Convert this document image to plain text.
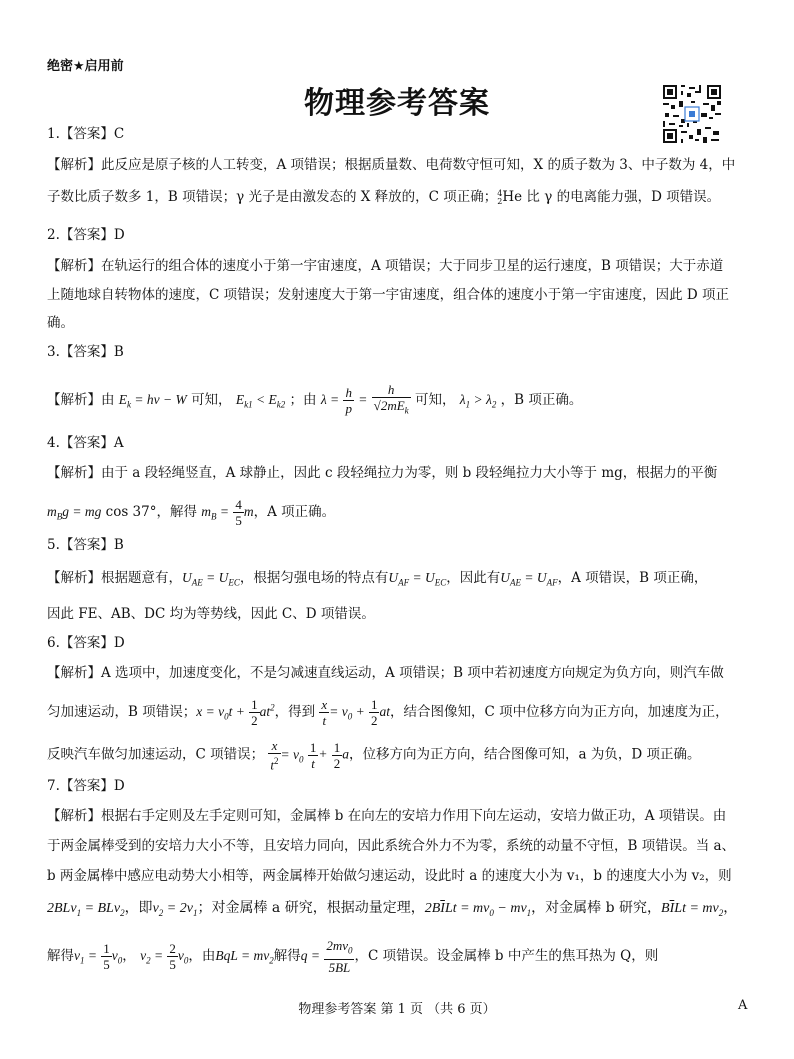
绝密★启用前
物理参考答案
1.【答案】C
【解析】此反应是原子核的人工转变，A 项错误；根据质量数、电荷数守恒可知，X 的质子数为 3、中子数为 4，中
子数比质子数多 1，B 项错误；γ 光子是由激发态的 X 释放的，C 项正确；4
2He 比 γ 的电离能力强，D 项错误。
2.【答案】D
【解析】在轨运行的组合体的速度小于第一宇宙速度，A 项错误；大于同步卫星的运行速度，B 项错误；大于赤道
上随地球自转物体的速度，C 项错误；发射速度大于第一宇宙速度，组合体的速度小于第一宇宙速度，因此 D 项正
确。
3.【答案】B
【解析】由 $E_k = h\nu - W$ 可知， $E_{k1} < E_{k2}$ ；由 $\lambda = \frac{h}{p} = \frac{h}{√2mE_k}$ 可知， $\lambda_1 > \lambda_2$ ，B 项正确。
4.【答案】A
【解析】由于 a 段轻绳竖直，A 球静止，因此 c 段轻绳拉力为零，则 b 段轻绳拉力大小等于 mg，根据力的平衡
$m_Bg$ = mg cos 37°，解得 $m_B = \frac{4}{5}$ m，A 项正确。
5.【答案】B
【解析】根据题意有，$U_{AE} = U_{EC}$，根据匀强电场的特点有$U_{AF} = U_{EC}$，因此有$U_{AE} = U_{AF}$，A 项错误，B 项正确，
因此 FE、AB、DC 均为等势线，因此 C、D 项错误。
6.【答案】D
【解析】A 选项中，加速度变化，不是匀减速直线运动，A 项错误；B 项中若初速度方向规定为负方向，则汽车做
匀加速运动，B 项错误；$x = v_0t + \frac{1}{2} at^2$，得到 $\frac{x}{t} = v_0 + \frac{1}{2}$ at，结合图像知，C 项中位移方向为正方向，加速度为正，
反映汽车做匀加速运动，C 项错误； $\frac{x}{t^2} = v_0 \frac{1}{t} + \frac{1}{2}$ a，位移方向为正方向，结合图像可知，a 为负，D 项正确。
7.【答案】D
【解析】根据右手定则及左手定则可知，金属棒 b 在向左的安培力作用下向左运动，安培力做正功，A 项错误。由
于两金属棒受到的安培力大小不等，且安培力同向，因此系统合外力不为零，系统的动量不守恒，B 项错误。当 a、
b 两金属棒中感应电动势大小相等，两金属棒开始做匀速运动，设此时 a 的速度大小为 v₁，b 的速度大小为 v₂，则
2BLv$_1$ = BLv$_2$，即$v_2 = 2v_1$；对金属棒 a 研究，根据动量定理，$2B\overline{I}Lt = mv_0 - mv_1$，对金属棒 b 研究，$B\overline{I}Lt = mv_2$，
解得$v_1 = \frac{1}{5} v_0$， $v_2 = \frac{2}{5} v_0$，由BqL = $mv_2$解得$q = \frac{2mv_0}{5BL}$ ，C 项错误。设金属棒 b 中产生的焦耳热为 Q，则
物理参考答案 第 1 页 （共 6 页）	A
